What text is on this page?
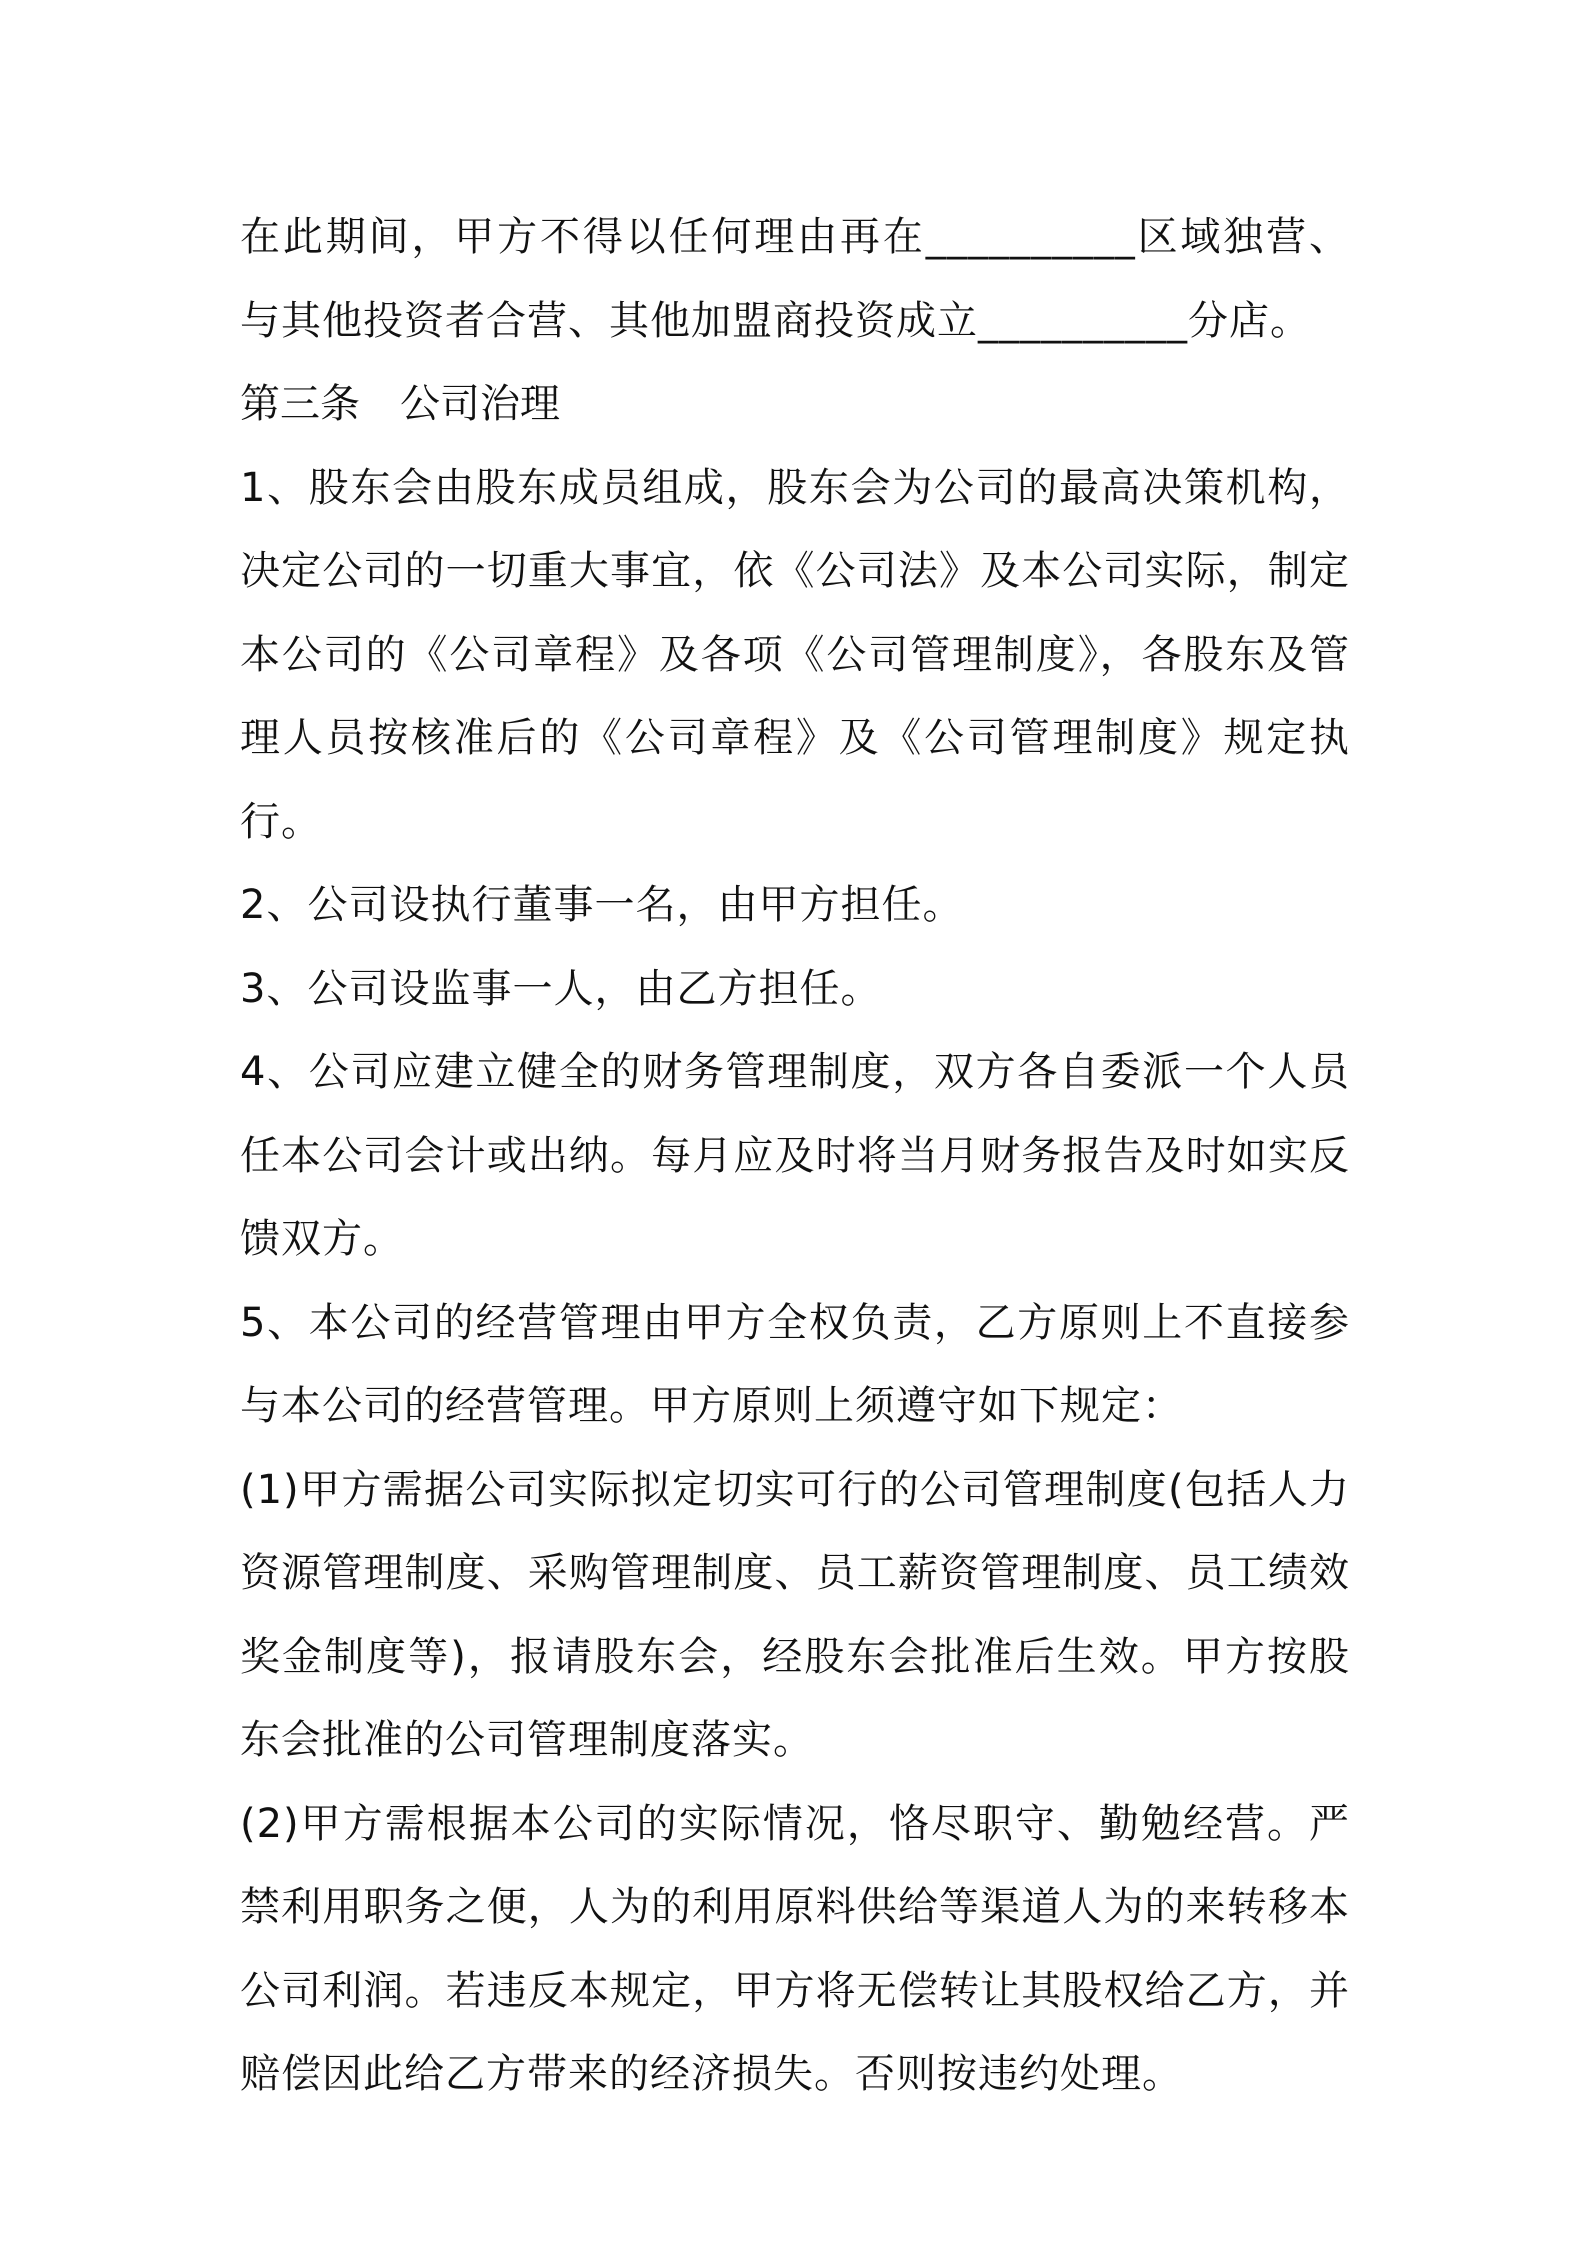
在此期间，甲方不得以任何理由再在__________区域独营、与其他投资者合营、其他加盟商投资成立__________分店。

第三条　公司治理

1、股东会由股东成员组成，股东会为公司的最高决策机构，决定公司的一切重大事宜，依《公司法》及本公司实际，制定本公司的《公司章程》及各项《公司管理制度》，各股东及管理人员按核准后的《公司章程》及《公司管理制度》规定执行。

2、公司设执行董事一名，由甲方担任。

3、公司设监事一人，由乙方担任。

4、公司应建立健全的财务管理制度，双方各自委派一个人员任本公司会计或出纳。每月应及时将当月财务报告及时如实反馈双方。

5、本公司的经营管理由甲方全权负责，乙方原则上不直接参与本公司的经营管理。甲方原则上须遵守如下规定：

(1)甲方需据公司实际拟定切实可行的公司管理制度(包括人力资源管理制度、采购管理制度、员工薪资管理制度、员工绩效奖金制度等)，报请股东会，经股东会批准后生效。甲方按股东会批准的公司管理制度落实。

(2)甲方需根据本公司的实际情况，恪尽职守、勤勉经营。严禁利用职务之便，人为的利用原料供给等渠道人为的来转移本公司利润。若违反本规定，甲方将无偿转让其股权给乙方，并赔偿因此给乙方带来的经济损失。否则按违约处理。
